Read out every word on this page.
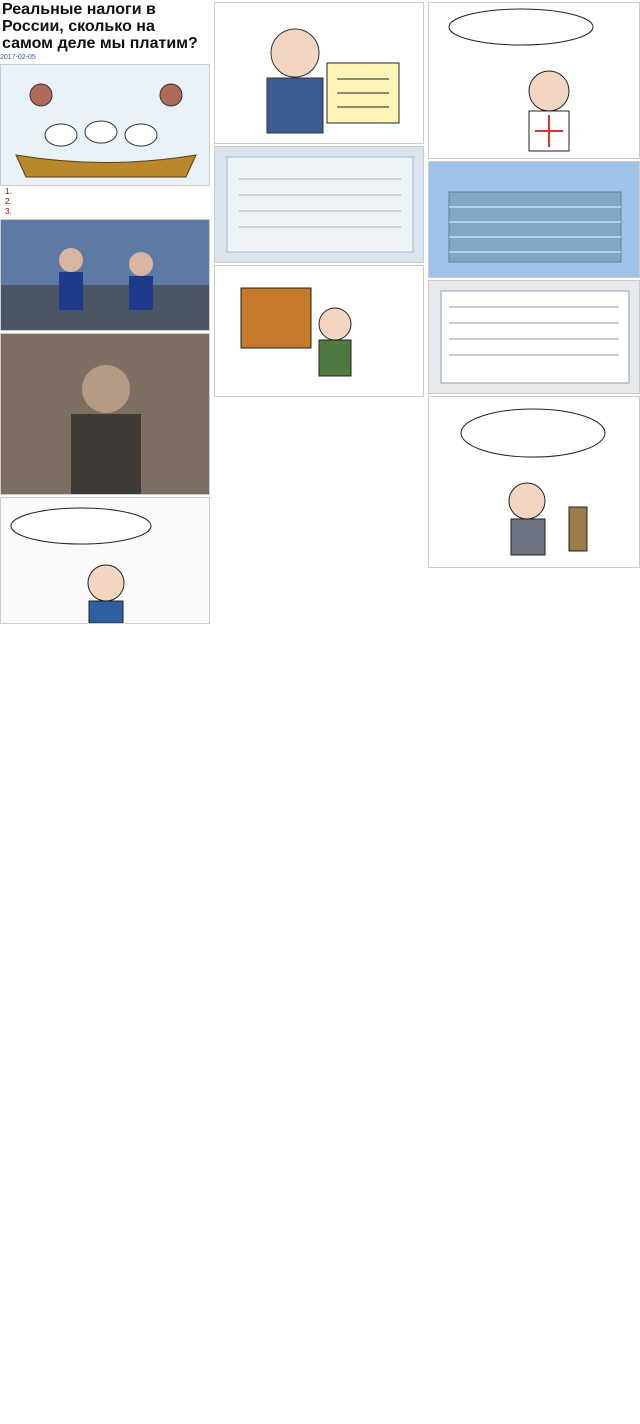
Реальные налоги в России, сколько на самом деле мы платим?
2017-02-05
1.
2.
3.
